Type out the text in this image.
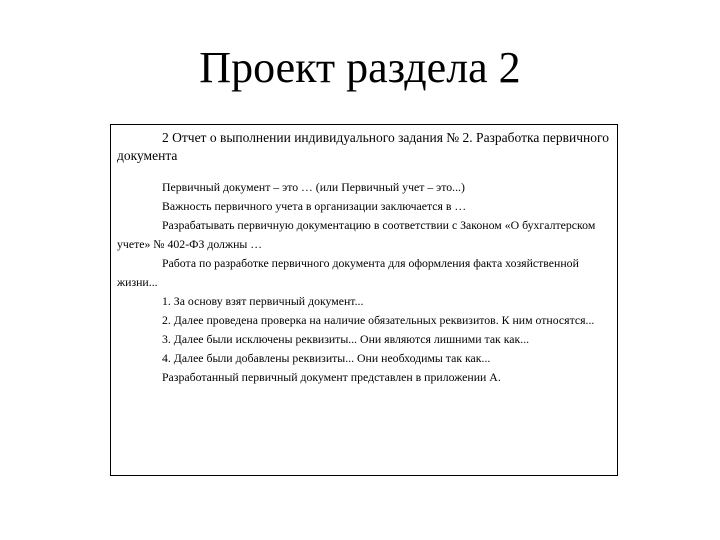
Проект раздела 2

2 Отчет о выполнении индивидуального задания № 2. Разработка первичного документа

Первичный документ – это … (или Первичный учет – это...)

Важность первичного учета в организации заключается в …

Разрабатывать первичную документацию в соответствии с Законом «О бухгалтерском учете» № 402-ФЗ должны …

Работа по разработке первичного документа для оформления факта хозяйственной жизни...

1. За основу взят первичный документ...

2. Далее проведена проверка на наличие обязательных реквизитов. К ним относятся...

3. Далее были исключены реквизиты... Они являются лишними так как...

4. Далее были добавлены реквизиты... Они необходимы так как...

Разработанный первичный документ представлен в приложении А.
